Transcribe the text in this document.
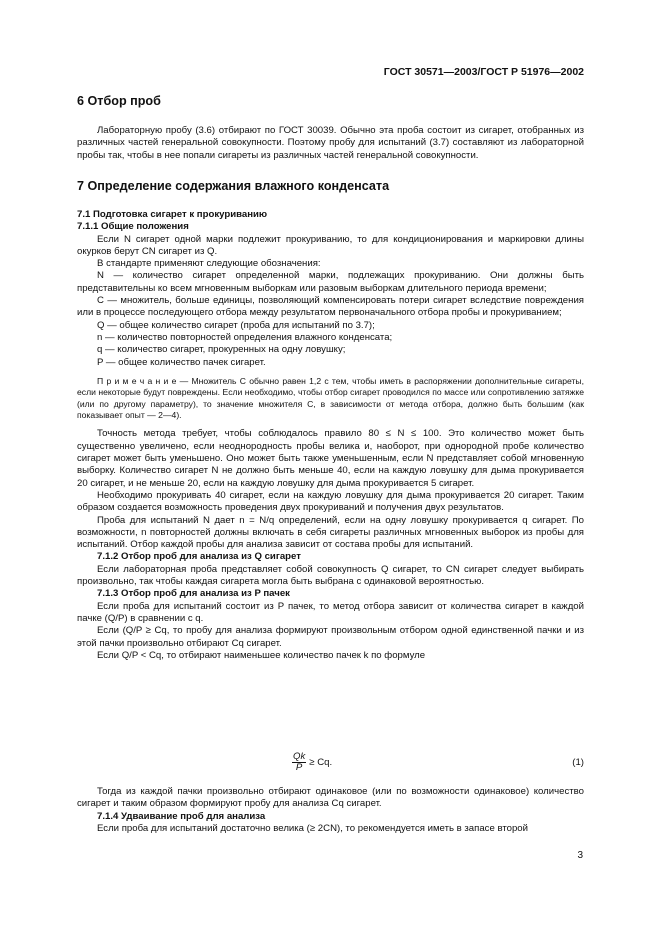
ГОСТ 30571—2003/ГОСТ Р 51976—2002
6 Отбор проб

Лабораторную пробу (3.6) отбирают по ГОСТ 30039. Обычно эта проба состоит из сигарет, отобранных из различных частей генеральной совокупности. Поэтому пробу для испытаний (3.7) составляют из лабораторной пробы так, чтобы в нее попали сигареты из различных частей генеральной совокупности.

7 Определение содержания влажного конденсата

7.1 Подготовка сигарет к прокуриванию

7.1.1 Общие положения

Если N сигарет одной марки подлежит прокуриванию, то для кондиционирования и маркировки длины окурков берут CN сигарет из Q.

В стандарте применяют следующие обозначения:

N — количество сигарет определенной марки, подлежащих прокуриванию. Они должны быть представительны ко всем мгновенным выборкам или разовым выборкам длительного периода времени;

C — множитель, больше единицы, позволяющий компенсировать потери сигарет вследствие повреждения или в процессе последующего отбора между результатом первоначального отбора пробы и прокуриванием;

Q — общее количество сигарет (проба для испытаний по 3.7);

n — количество повторностей определения влажного конденсата;

q — количество сигарет, прокуренных на одну ловушку;

P — общее количество пачек сигарет.

П р и м е ч а н и е — Множитель C обычно равен 1,2 с тем, чтобы иметь в распоряжении дополнительные сигареты, если некоторые будут повреждены. Если необходимо, чтобы отбор сигарет проводился по массе или сопротивлению затяжке (или по другому параметру), то значение множителя C, в зависимости от метода отбора, должно быть большим (как показывает опыт — 2—4).

Точность метода требует, чтобы соблюдалось правило 80 ≤ N ≤ 100. Это количество может быть существенно увеличено, если неоднородность пробы велика и, наоборот, при однородной пробе количество сигарет может быть уменьшено. Оно может быть также уменьшенным, если N представляет собой мгновенную выборку. Количество сигарет N не должно быть меньше 40, если на каждую ловушку для дыма прокуривается 20 сигарет, и не меньше 20, если на каждую ловушку для дыма прокуривается 5 сигарет.

Необходимо прокуривать 40 сигарет, если на каждую ловушку для дыма прокуривается 20 сигарет. Таким образом создается возможность проведения двух прокуриваний и получения двух результатов.

Проба для испытаний N дает n = N/q определений, если на одну ловушку прокуривается q сигарет. По возможности, n повторностей должны включать в себя сигареты различных мгновенных выборок из пробы для испытаний. Отбор каждой пробы для анализа зависит от состава пробы для испытаний.

7.1.2 Отбор проб для анализа из Q сигарет

Если лабораторная проба представляет собой совокупность Q сигарет, то CN сигарет следует выбирать произвольно, так чтобы каждая сигарета могла быть выбрана с одинаковой вероятностью.

7.1.3 Отбор проб для анализа из P пачек

Если проба для испытаний состоит из P пачек, то метод отбора зависит от количества сигарет в каждой пачке (Q/P) в сравнении с q.

Если (Q/P ≥ Cq, то пробу для анализа формируют произвольным отбором одной единственной пачки и из этой пачки произвольно отбирают Cq сигарет.

Если Q/P < Cq, то отбирают наименьшее количество пачек k по формуле

$\frac{Qk}{P} \ge Cq$.	(1)

Тогда из каждой пачки произвольно отбирают одинаковое (или по возможности одинаковое) количество сигарет и таким образом формируют пробу для анализа Cq сигарет.

7.1.4 Удваивание проб для анализа

Если проба для испытаний достаточно велика (≥ 2CN), то рекомендуется иметь в запасе второй

3
